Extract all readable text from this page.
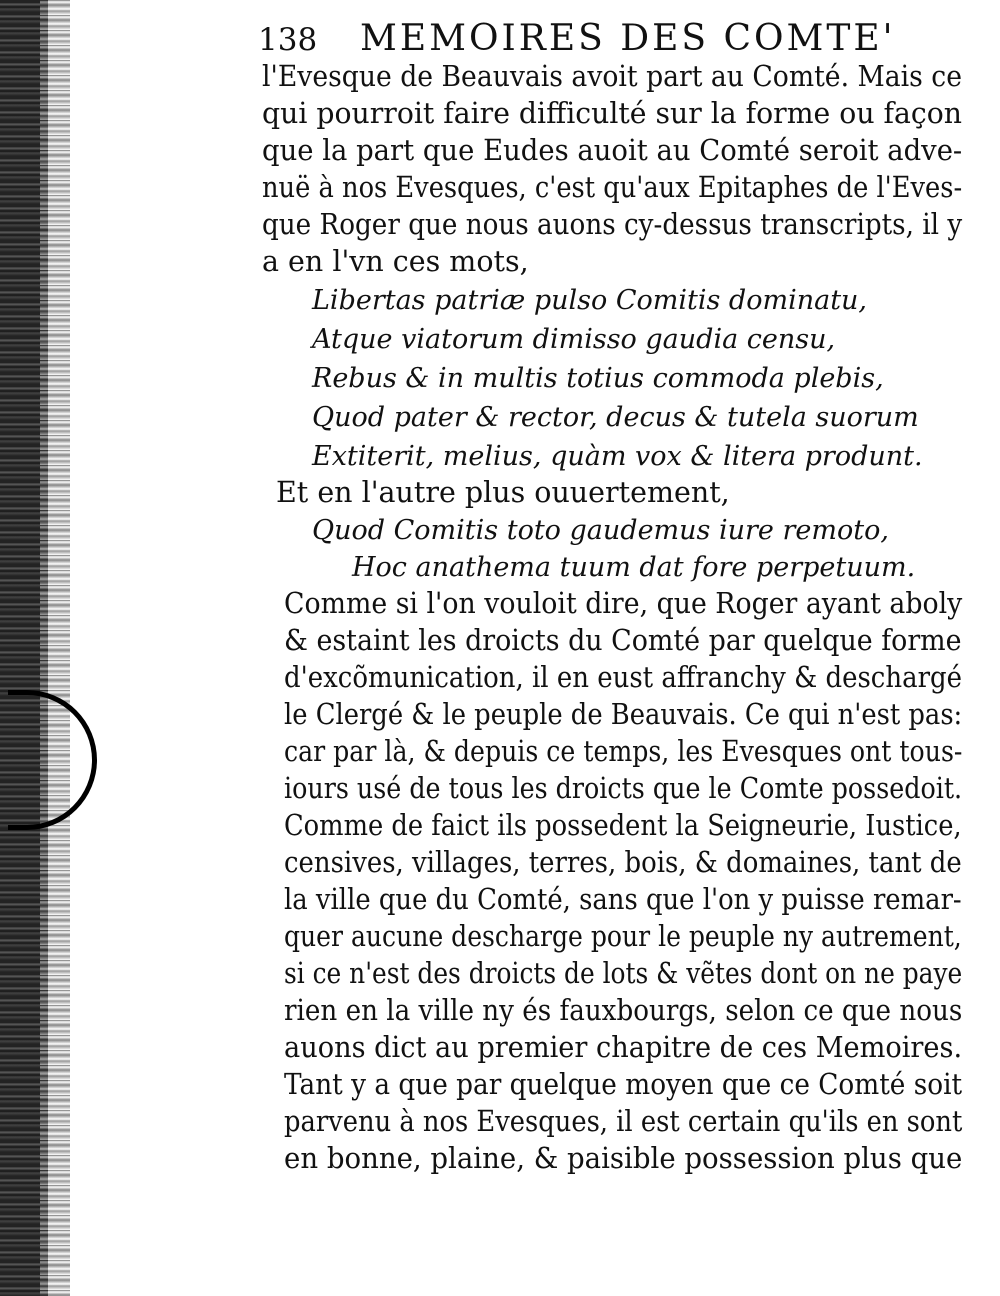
138 MEMOIRES DES COMTE'
l'Evesque de Beauvais avoit part au Comté. Mais ce
qui pourroit faire difficulté sur la forme ou façon
que la part que Eudes auoit au Comté seroit adve-
nuë à nos Evesques, c'est qu'aux Epitaphes de l'Eves-
que Roger que nous auons cy-dessus transcripts, il y
a en l'vn ces mots,
Libertas patriæ pulso Comitis dominatu,
Atque viatorum dimisso gaudia censu,
Rebus & in multis totius commoda plebis,
Quod pater & rector, decus & tutela suorum
Extiterit, melius, quàm vox & litera produnt.
Et en l'autre plus ouuertement,
Quod Comitis toto gaudemus iure remoto,
Hoc anathema tuum dat fore perpetuum.
Comme si l'on vouloit dire, que Roger ayant aboly
& estaint les droicts du Comté par quelque forme
d'excõmunication, il en eust affranchy & deschargé
le Clergé & le peuple de Beauvais. Ce qui n'est pas:
car par là, & depuis ce temps, les Evesques ont tous-
iours usé de tous les droicts que le Comte possedoit.
Comme de faict ils possedent la Seigneurie, Iustice,
censives, villages, terres, bois, & domaines, tant de
la ville que du Comté, sans que l'on y puisse remar-
quer aucune descharge pour le peuple ny autrement,
si ce n'est des droicts de lots & vẽtes dont on ne paye
rien en la ville ny és fauxbourgs, selon ce que nous
auons dict au premier chapitre de ces Memoires.
Tant y a que par quelque moyen que ce Comté soit
parvenu à nos Evesques, il est certain qu'ils en sont
en bonne, plaine, & paisible possession plus que
